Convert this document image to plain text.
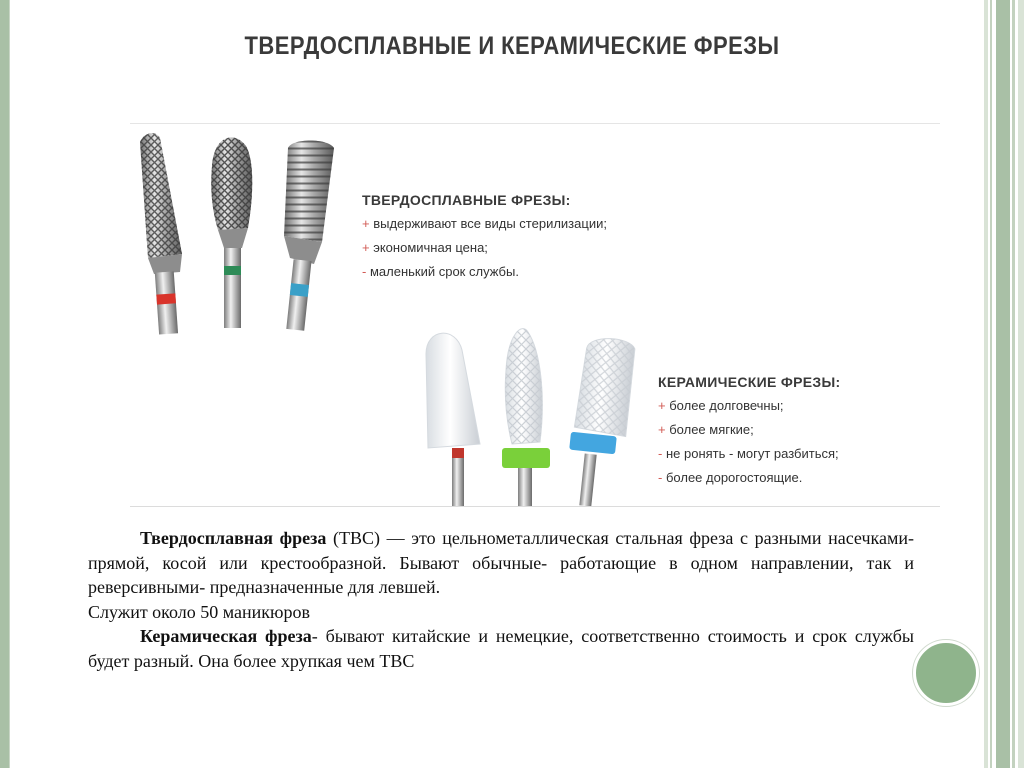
ТВЕРДОСПЛАВНЫЕ И КЕРАМИЧЕСКИЕ ФРЕЗЫ
ТВЕРДОСПЛАВНЫЕ ФРЕЗЫ:
+ выдерживают все виды стерилизации;
+ экономичная цена;
- маленький срок службы.
КЕРАМИЧЕСКИЕ ФРЕЗЫ:
+ более долговечны;
+ более мягкие;
- не ронять - могут разбиться;
- более дорогостоящие.

Твердосплавная фреза (ТВС) — это цельнометаллическая стальная фреза с разными насечками- прямой, косой или крестообразной. Бывают обычные- работающие в одном направлении, так и реверсивными- предназначенные для левшей.

Служит около 50 маникюров

Керамическая фреза- бывают китайские и немецкие, соответственно стоимость и срок службы будет разный. Она более хрупкая чем ТВС
